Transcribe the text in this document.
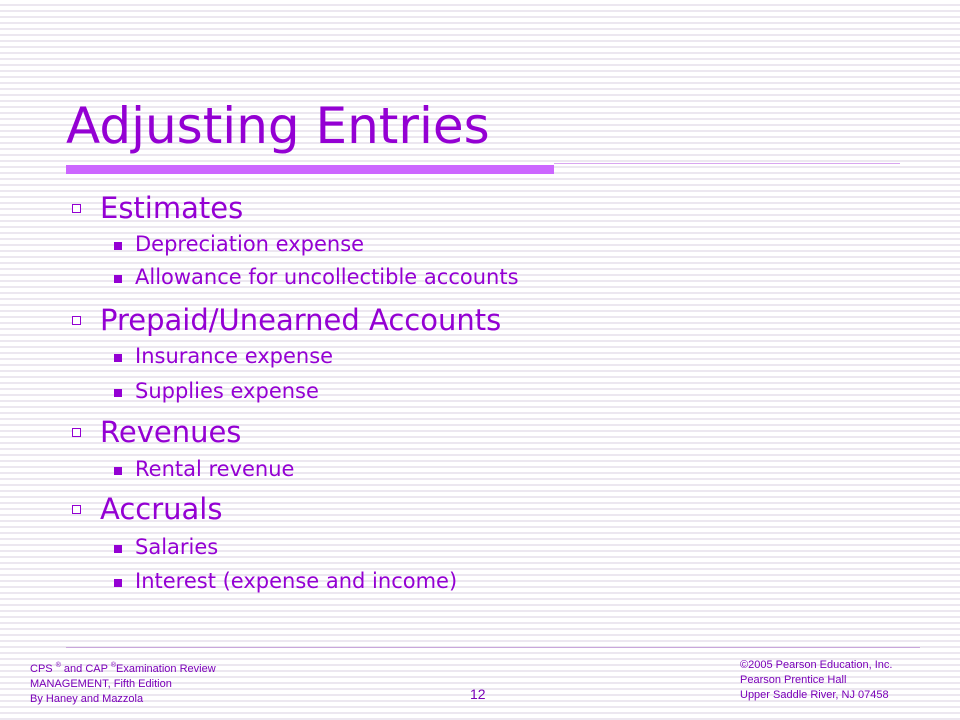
Adjusting Entries
Estimates
Depreciation expense
Allowance for uncollectible accounts
Prepaid/Unearned Accounts
Insurance expense
Supplies expense
Revenues
Rental revenue
Accruals
Salaries
Interest (expense and income)
CPS ® and CAP ®Examination Review
MANAGEMENT, Fifth Edition
By Haney and Mazzola	12
©2005 Pearson Education, Inc.
Pearson Prentice Hall
Upper Saddle River, NJ 07458
